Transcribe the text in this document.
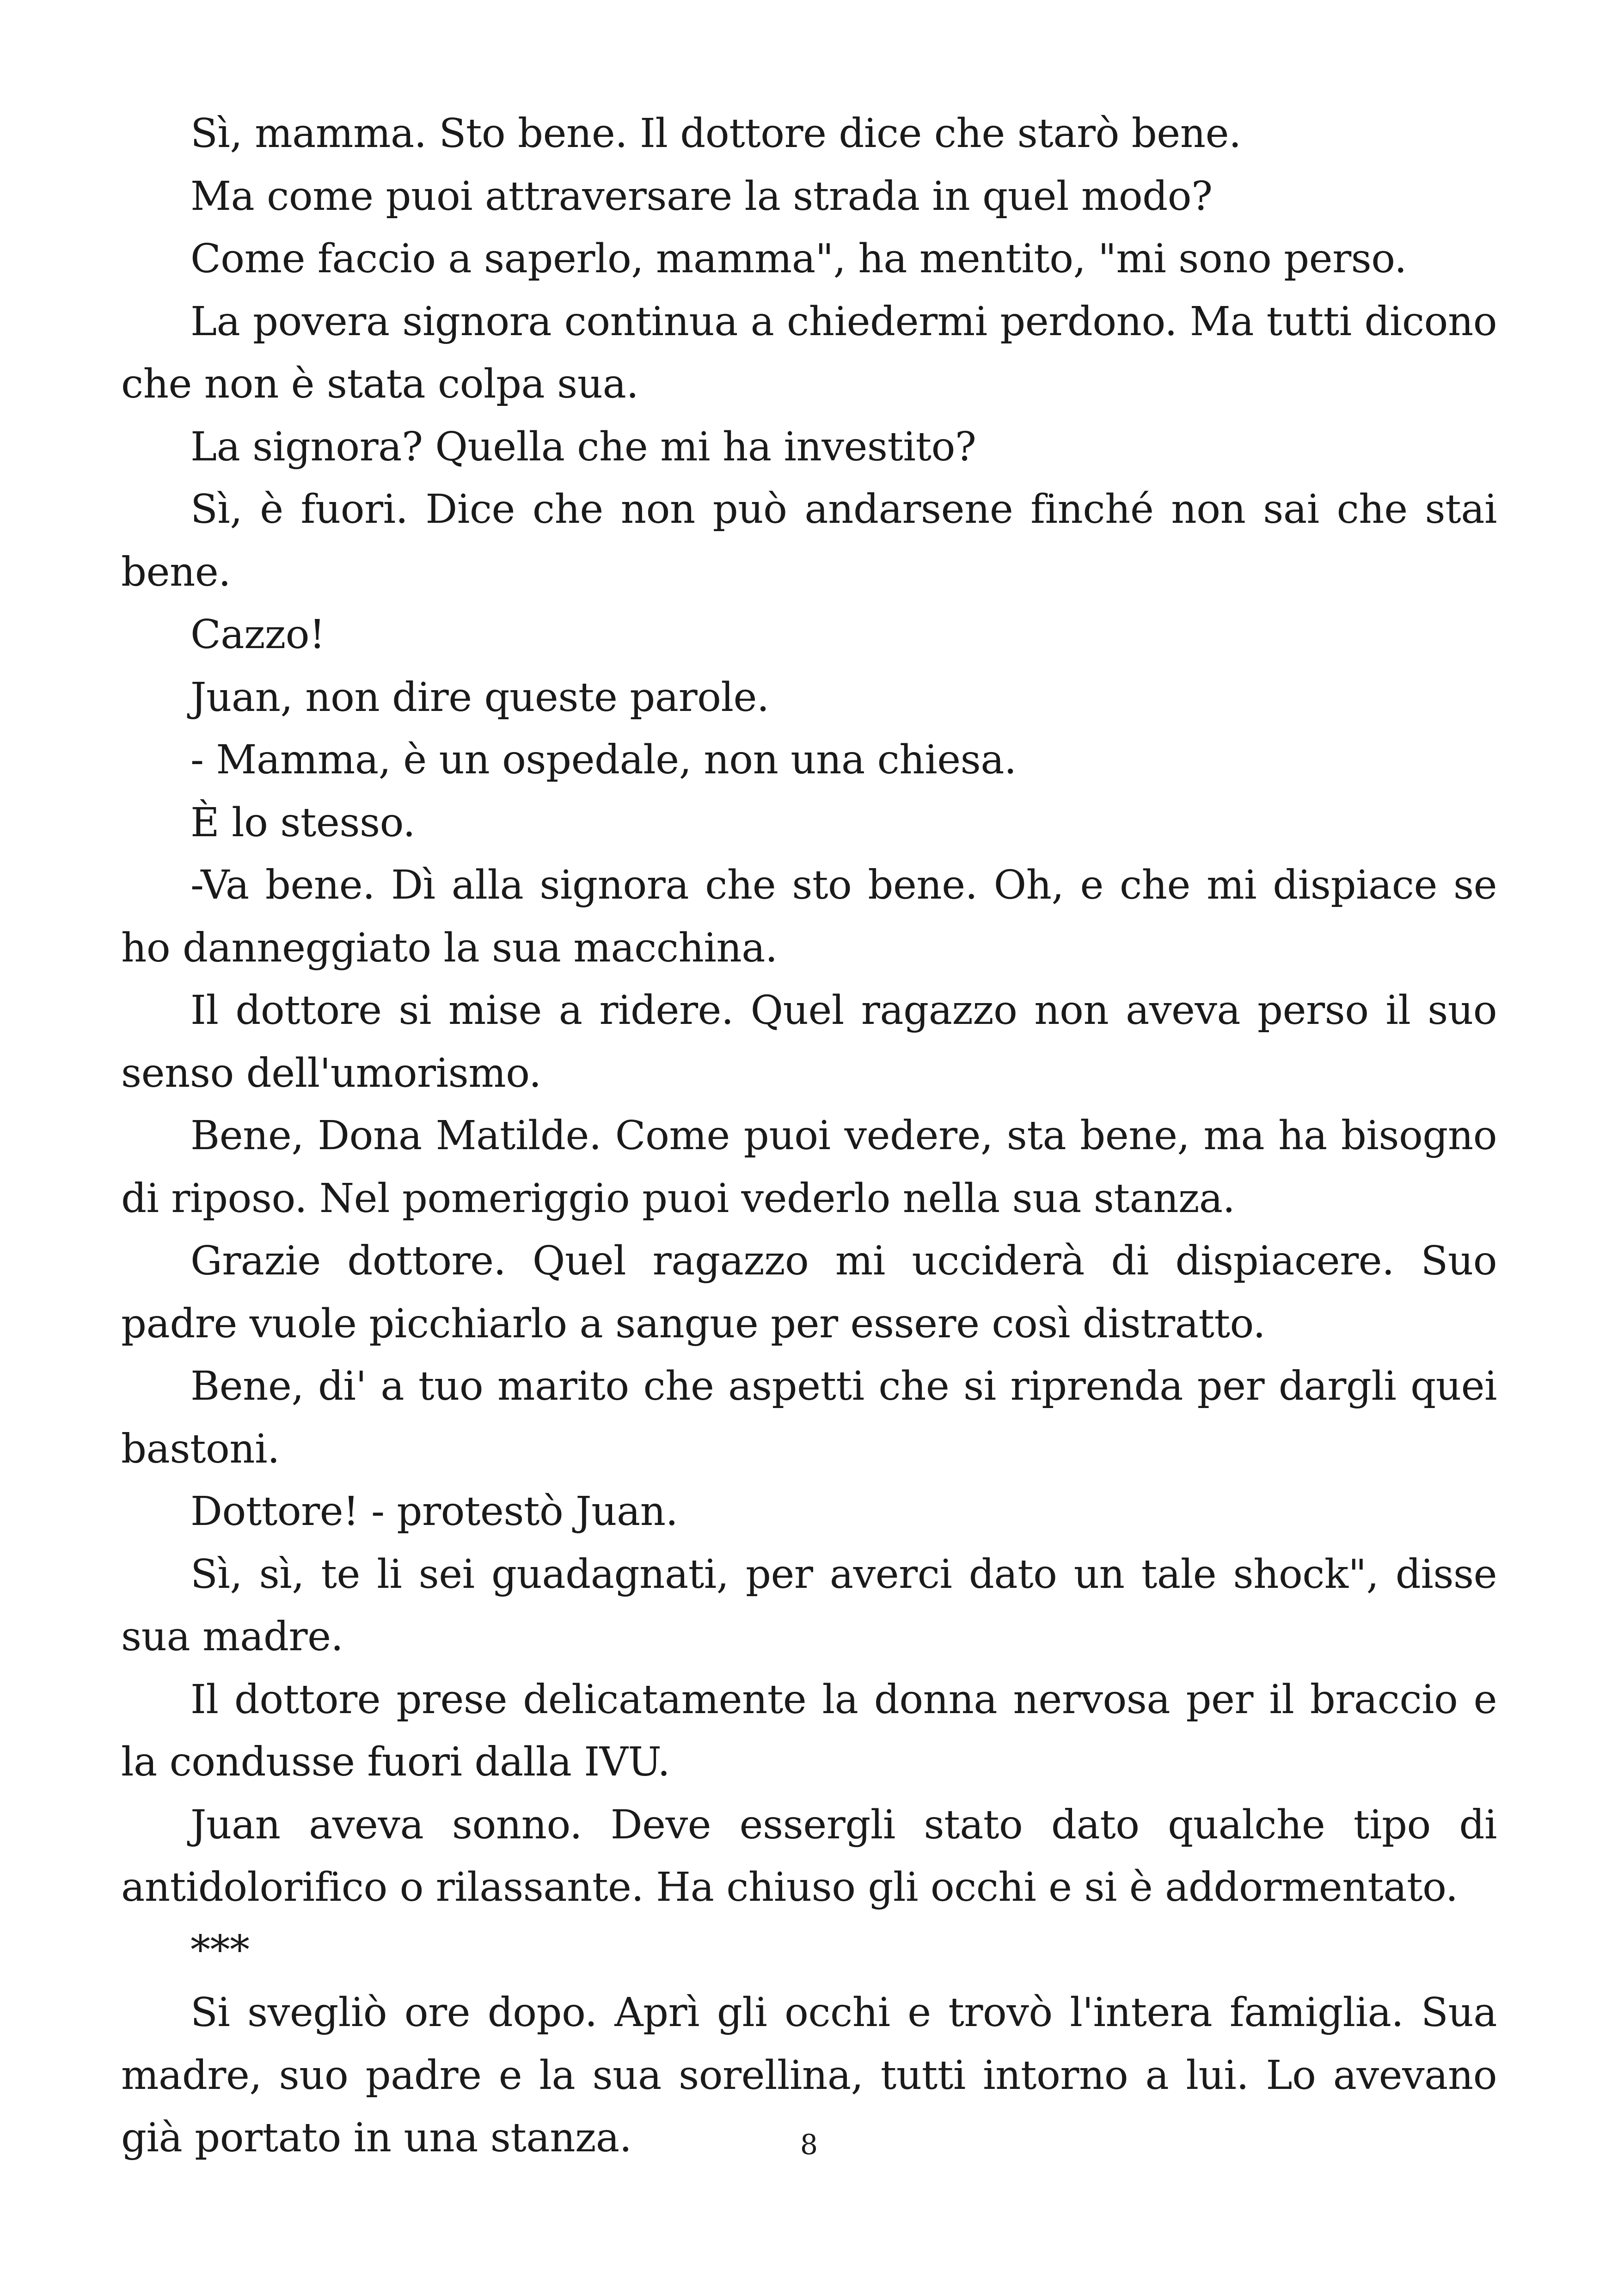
Sì, mamma. Sto bene. Il dottore dice che starò bene.

Ma come puoi attraversare la strada in quel modo?

Come faccio a saperlo, mamma", ha mentito, "mi sono perso.

La povera signora continua a chiedermi perdono. Ma tutti dicono che non è stata colpa sua.

La signora? Quella che mi ha investito?

Sì, è fuori. Dice che non può andarsene finché non sai che stai bene.

Cazzo!

Juan, non dire queste parole.

- Mamma, è un ospedale, non una chiesa.

È lo stesso.

-Va bene. Dì alla signora che sto bene. Oh, e che mi dispiace se ho danneggiato la sua macchina.

Il dottore si mise a ridere. Quel ragazzo non aveva perso il suo senso dell'umorismo.

Bene, Dona Matilde. Come puoi vedere, sta bene, ma ha bisogno di riposo. Nel pomeriggio puoi vederlo nella sua stanza.

Grazie dottore. Quel ragazzo mi ucciderà di dispiacere. Suo padre vuole picchiarlo a sangue per essere così distratto.

Bene, di' a tuo marito che aspetti che si riprenda per dargli quei bastoni.

Dottore! - protestò Juan.

Sì, sì, te li sei guadagnati, per averci dato un tale shock", disse sua madre.

Il dottore prese delicatamente la donna nervosa per il braccio e la condusse fuori dalla IVU.

Juan aveva sonno. Deve essergli stato dato qualche tipo di antidolorifico o rilassante. Ha chiuso gli occhi e si è addormentato.

***

Si svegliò ore dopo. Aprì gli occhi e trovò l'intera famiglia. Sua madre, suo padre e la sua sorellina, tutti intorno a lui. Lo avevano già portato in una stanza.	8
